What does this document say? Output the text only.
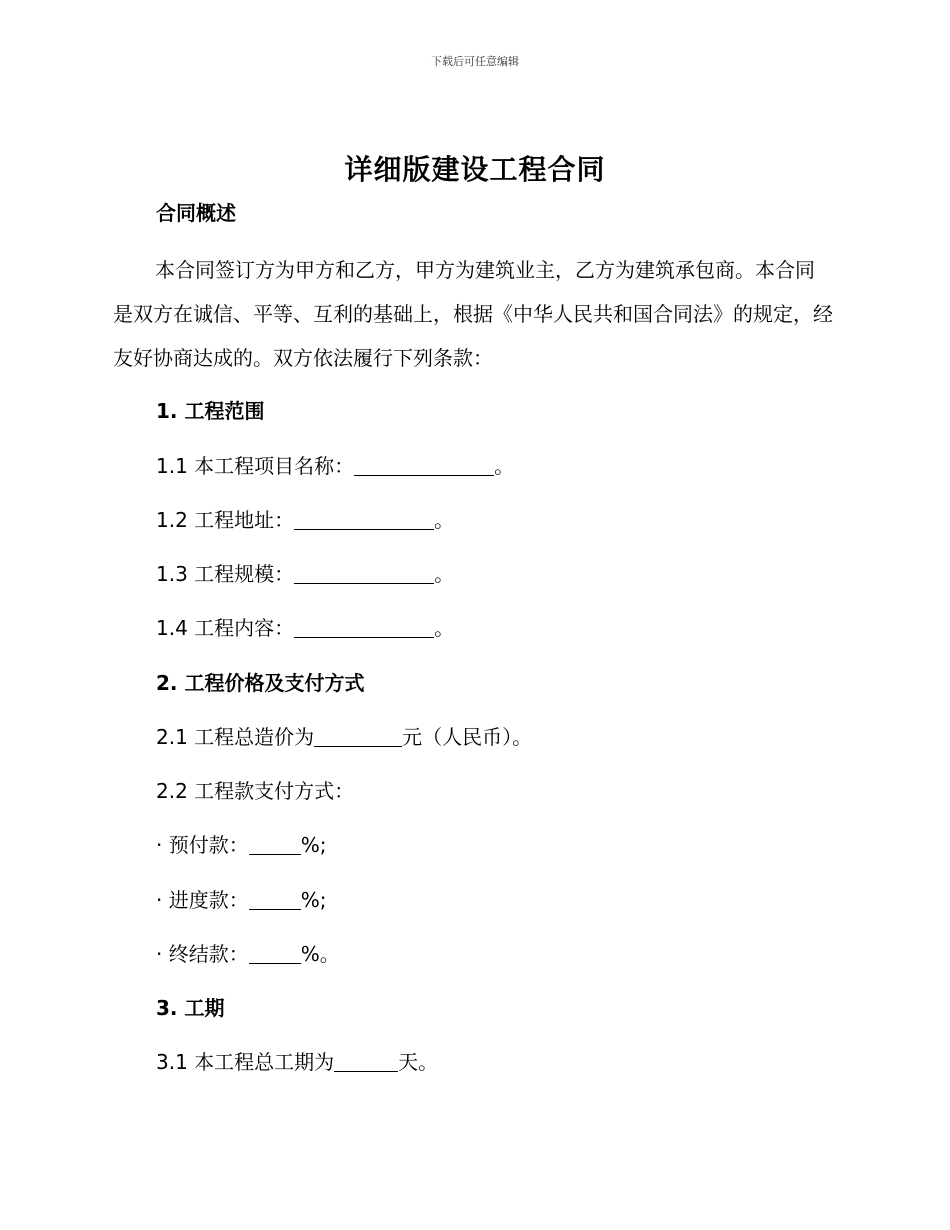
下载后可任意编辑
详细版建设工程合同
合同概述
本合同签订方为甲方和乙方，甲方为建筑业主，乙方为建筑承包商。本合同是双方在诚信、平等、互利的基础上，根据《中华人民共和国合同法》的规定，经友好协商达成的。双方依法履行下列条款：
1. 工程范围
1.1 本工程项目名称：	。
1.2 工程地址：	。
1.3 工程规模：	。
1.4 工程内容：	。
2. 工程价格及支付方式
2.1 工程总造价为	元（人民币）。
2.2 工程款支付方式：
· 预付款：	%;
· 进度款：	%;
· 终结款：	%。
3. 工期
3.1 本工程总工期为	天。
